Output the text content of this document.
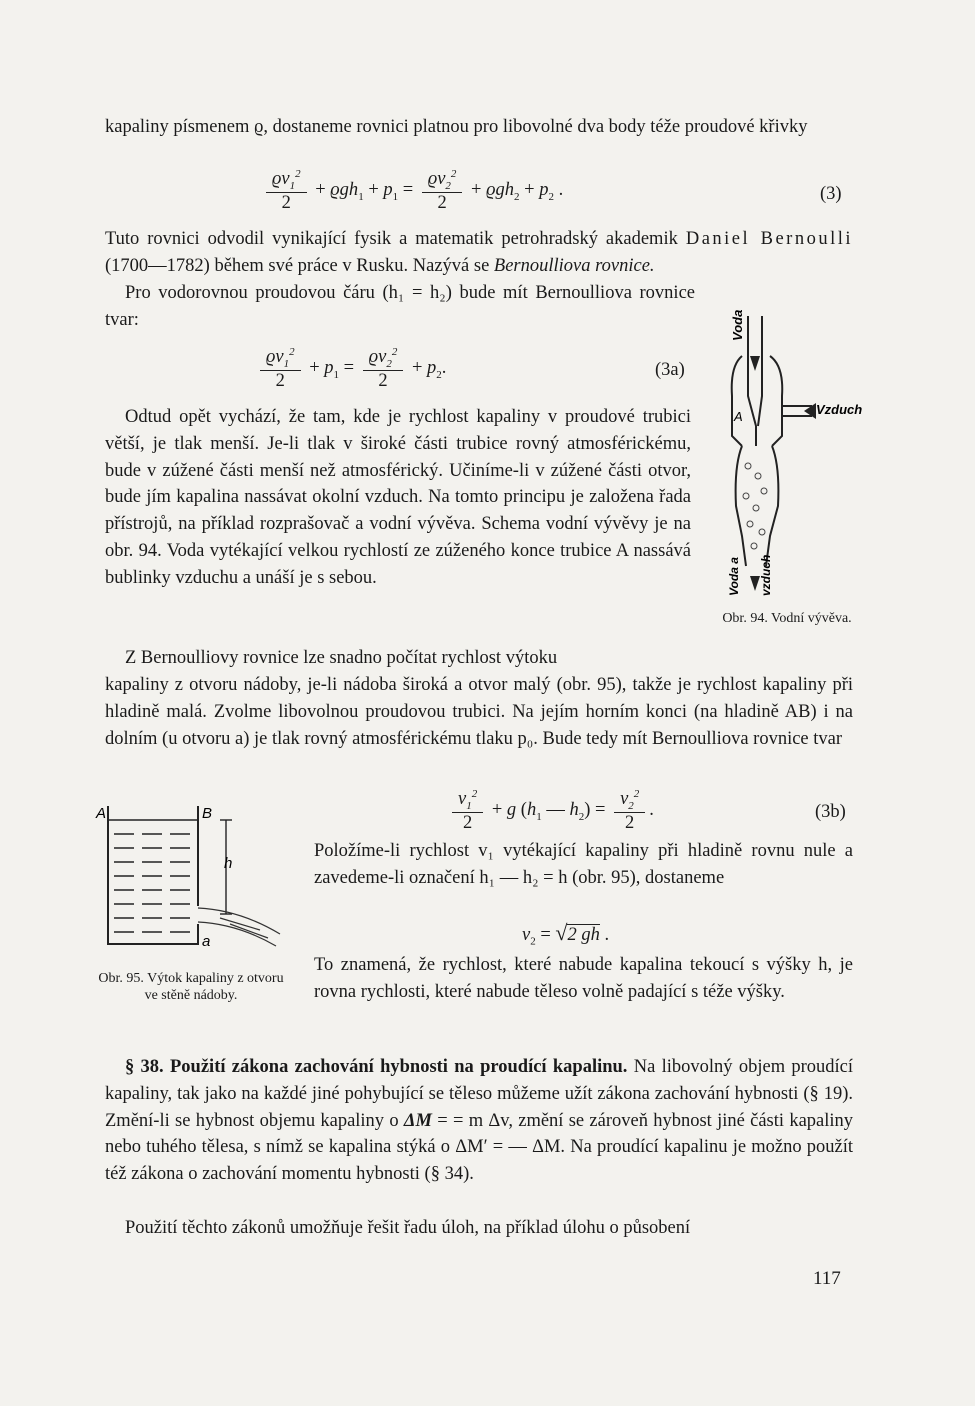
kapaliny písmenem ϱ, dostaneme rovnici platnou pro libovolné dva body téže proudové křivky

$\frac{ϱv_1^2}{2} + ϱgh_1 + p_1 = \frac{ϱv_2^2}{2} + ϱgh_2 + p_2$ .	(3)

Tuto rovnici odvodil vynikající fysik a matematik petrohradský akademik Daniel Bernoulli (1700—1782) během své práce v Rusku. Nazývá se Bernoulliova rovnice.

Pro vodorovnou proudovou čáru (h₁ = h₂) bude mít Bernoulliova rovnice tvar:

$\frac{ϱv_1^2}{2} + p_1 = \frac{ϱv_2^2}{2} + p_2$.	(3a)

Odtud opět vychází, že tam, kde je rychlost kapaliny v proudové trubici větší, je tlak menší. Je-li tlak v široké části trubice rovný atmosférickému, bude v zúžené části menší než atmosférický. Učiníme-li v zúžené části otvor, bude jím kapalina nassávat okolní vzduch. Na tomto principu je založena řada přístrojů, na příklad rozprašovač a vodní vývěva. Schema vodní vývěvy je na obr. 94. Voda vytékající velkou rychlostí ze zúženého konce trubice A nassává bublinky vzduchu a unáší je s sebou.

A	Vzduch
Voda
Voda a vzduch
Obr. 94. Vodní vývěva.

Z Bernoulliovy rovnice lze snadno počítat rychlost výtoku

kapaliny z otvoru nádoby, je-li nádoba široká a otvor malý (obr. 95), takže je rychlost kapaliny při hladině malá. Zvolme libovolnou proudovou trubici. Na jejím horním konci (na hladině AB) i na dolním (u otvoru a) je tlak rovný atmosférickému tlaku p₀. Bude tedy mít Bernoulliova rovnice tvar

A	B
h
a
Obr. 95. Výtok kapaliny z otvoru ve stěně nádoby.
$\frac{v_1^2}{2} + g$ ($h_1$ — $h_2) = \frac{v_2^2}{2}$ .	(3b)

Položíme-li rychlost v₁ vytékající kapaliny při hladině rovnu nule a zavedeme-li označení h₁ — h₂ = h (obr. 95), dostaneme

$v_2 = √2$ gh .

To znamená, že rychlost, které nabude kapalina tekoucí s výšky h, je rovna rychlosti, které nabude těleso volně padající s téže výšky.

§ 38. Použití zákona zachování hybnosti na proudící kapalinu. Na libovolný objem proudící kapaliny, tak jako na každé jiné pohybující se těleso můžeme užít zákona zachování hybnosti (§ 19). Změní-li se hybnost objemu kapaliny o ΔM = = m Δv, změní se zároveň hybnost jiné části kapaliny nebo tuhého tělesa, s nímž se kapalina stýká o ΔM′ = — ΔM. Na proudící kapalinu je možno použít též zákona o zachování momentu hybnosti (§ 34).

Použití těchto zákonů umožňuje řešit řadu úloh, na příklad úlohu o působení

117
